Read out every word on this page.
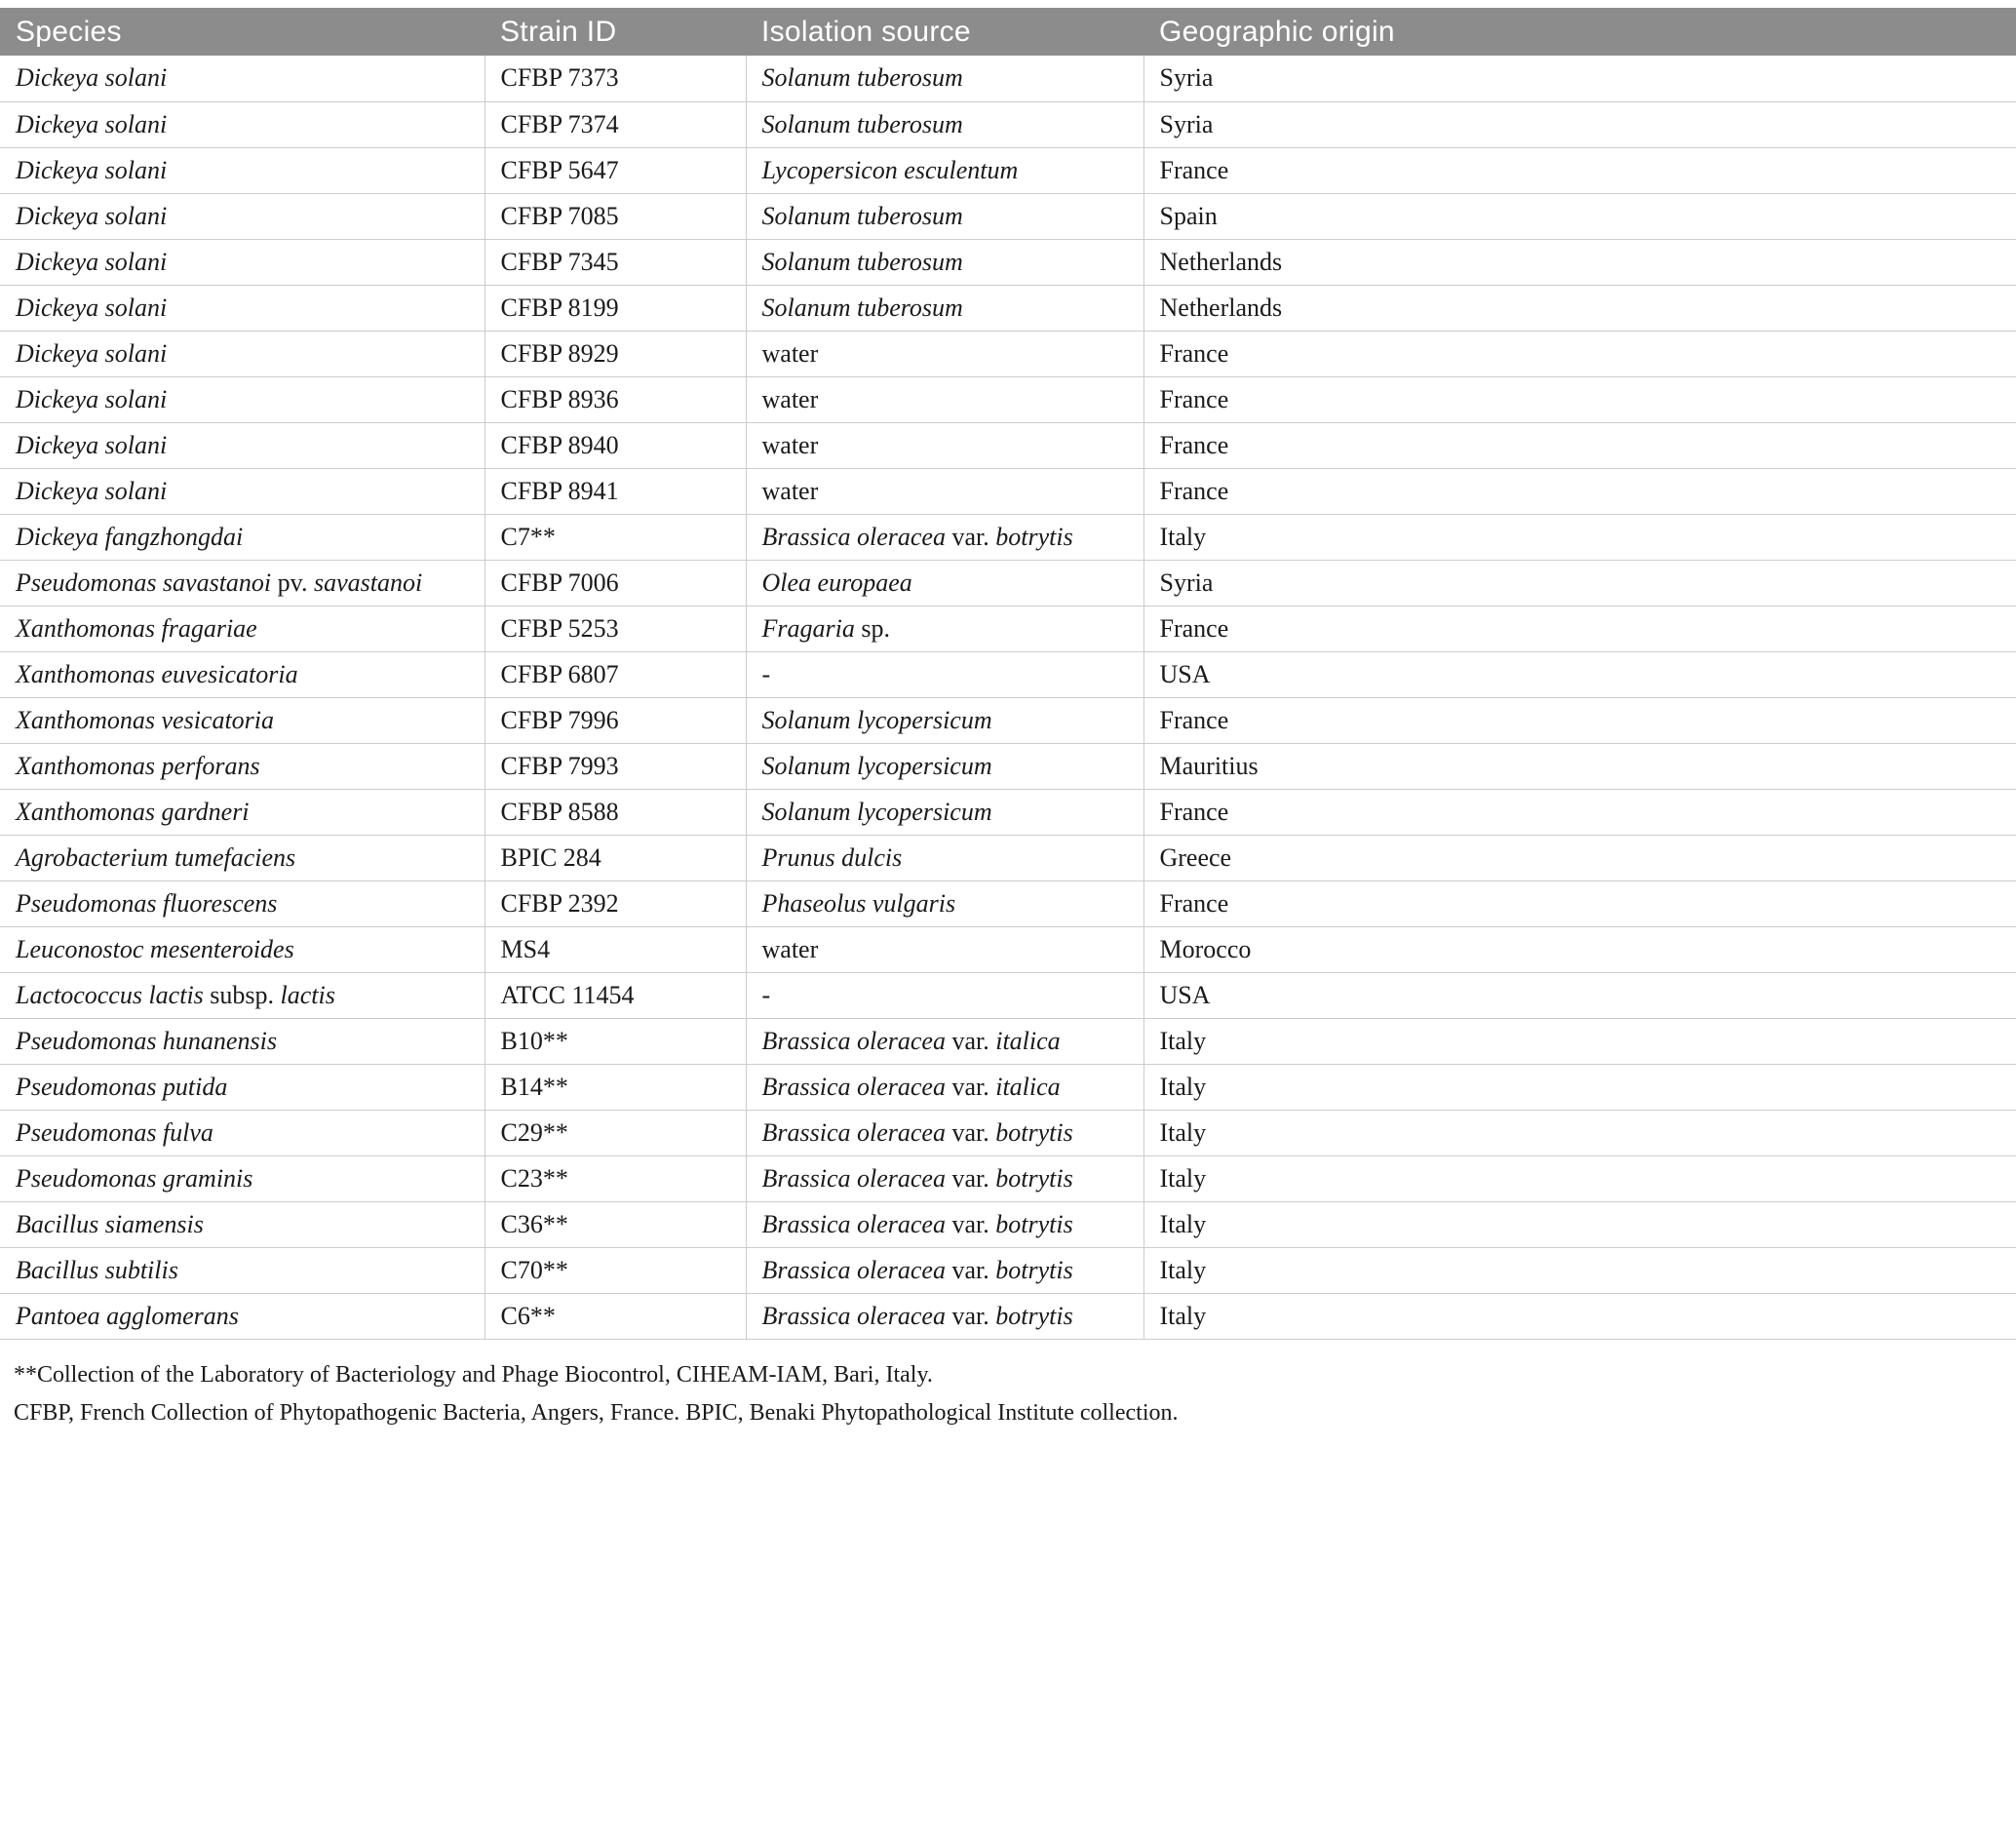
Species	Strain ID	Isolation source	Geographic origin
Dickeya solani	CFBP 7373	Solanum tuberosum	Syria
Dickeya solani	CFBP 7374	Solanum tuberosum	Syria
Dickeya solani	CFBP 5647	Lycopersicon esculentum	France
Dickeya solani	CFBP 7085	Solanum tuberosum	Spain
Dickeya solani	CFBP 7345	Solanum tuberosum	Netherlands
Dickeya solani	CFBP 8199	Solanum tuberosum	Netherlands
Dickeya solani	CFBP 8929	water	France
Dickeya solani	CFBP 8936	water	France
Dickeya solani	CFBP 8940	water	France
Dickeya solani	CFBP 8941	water	France
Dickeya fangzhongdai	C7**	Brassica oleracea var. botrytis	Italy
Pseudomonas savastanoi pv. savastanoi	CFBP 7006	Olea europaea	Syria
Xanthomonas fragariae	CFBP 5253	Fragaria sp.	France
Xanthomonas euvesicatoria	CFBP 6807	-	USA
Xanthomonas vesicatoria	CFBP 7996	Solanum lycopersicum	France
Xanthomonas perforans	CFBP 7993	Solanum lycopersicum	Mauritius
Xanthomonas gardneri	CFBP 8588	Solanum lycopersicum	France
Agrobacterium tumefaciens	BPIC 284	Prunus dulcis	Greece
Pseudomonas fluorescens	CFBP 2392	Phaseolus vulgaris	France
Leuconostoc mesenteroides	MS4	water	Morocco
Lactococcus lactis subsp. lactis	ATCC 11454	-	USA
Pseudomonas hunanensis	B10**	Brassica oleracea var. italica	Italy
Pseudomonas putida	B14**	Brassica oleracea var. italica	Italy
Pseudomonas fulva	C29**	Brassica oleracea var. botrytis	Italy
Pseudomonas graminis	C23**	Brassica oleracea var. botrytis	Italy
Bacillus siamensis	C36**	Brassica oleracea var. botrytis	Italy
Bacillus subtilis	C70**	Brassica oleracea var. botrytis	Italy
Pantoea agglomerans	C6**	Brassica oleracea var. botrytis	Italy

**Collection of the Laboratory of Bacteriology and Phage Biocontrol, CIHEAM-IAM, Bari, Italy.

CFBP, French Collection of Phytopathogenic Bacteria, Angers, France. BPIC, Benaki Phytopathological Institute collection.
